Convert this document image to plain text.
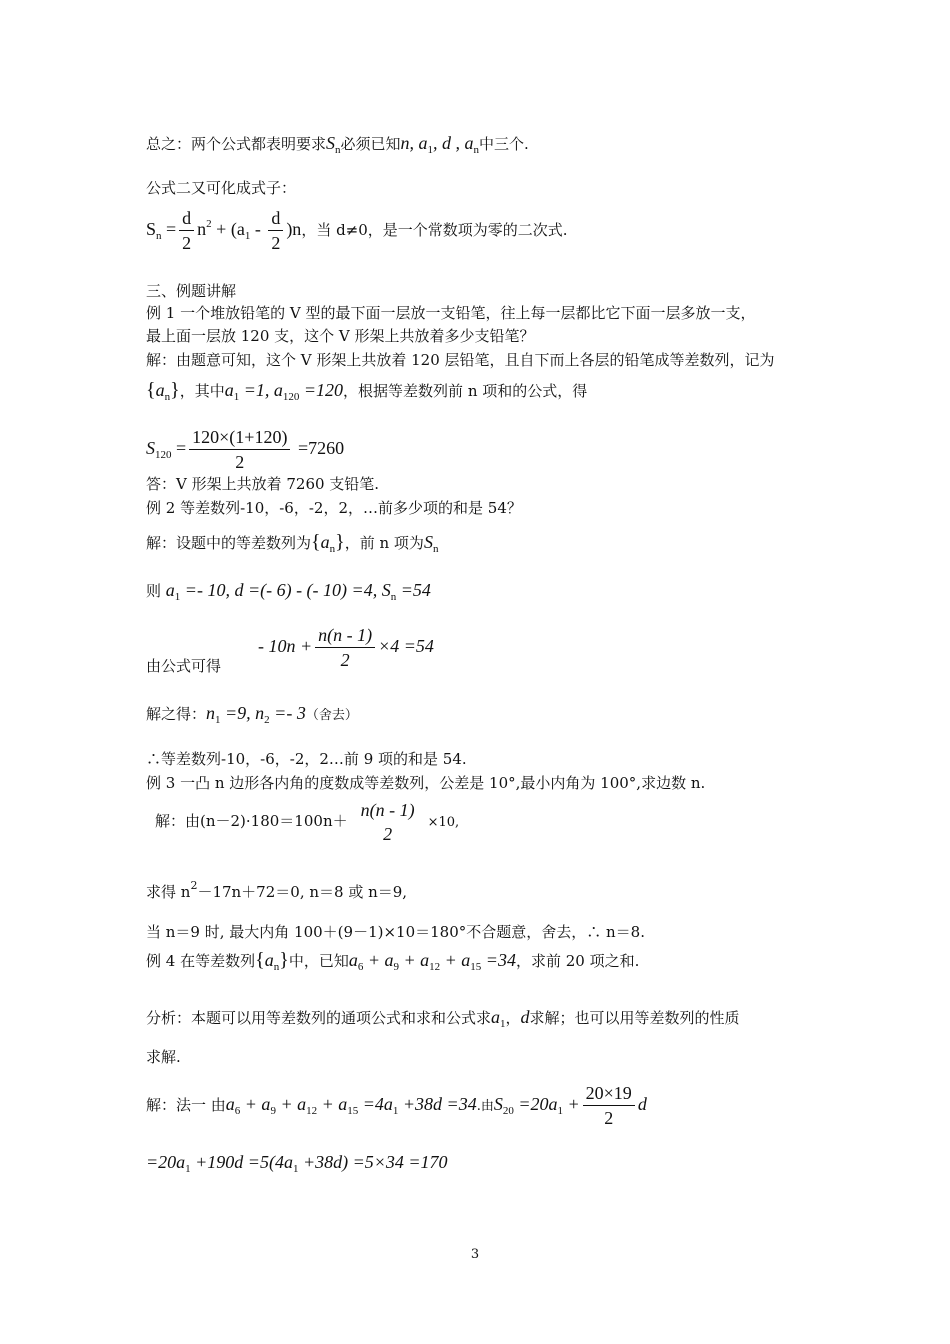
总之：两个公式都表明要求$S_n$必须已知n, $a_1$, d , $a_n$中三个.
公式二又可化成式子：
$S_n = \frac{d}{2} n^2 + (a_1 - \frac{d}{2} )n$，当 d≠0，是一个常数项为零的二次式.
三、例题讲解
例 1 一个堆放铅笔的 V 型的最下面一层放一支铅笔，往上每一层都比它下面一层多放一支，
最上面一层放 120 支，这个 V 形架上共放着多少支铅笔？
解：由题意可知，这个 V 形架上共放着 120 层铅笔，且自下而上各层的铅笔成等差数列，记为
$\{a_n\}$，其中$a_1 =1$, $a_{120} =120$，根据等差数列前 n 项和的公式，得
$S_{120} = \frac{120\times(1+120)}{2} =7260$
答：V 形架上共放着 7260 支铅笔.
例 2 等差数列-10，-6，-2，2，…前多少项的和是 54？
解：设题中的等差数列为$\{a_n\}$，前 n 项为$S_n$
则 $a_1 =- 10$, d =(- 6) - (- 10) =4, $S_n =54$
由公式可得
- $10n + \frac{n(n - 1)}{2} \times 4 =54$
解之得：$n_1 =9$, $n_2 =- 3$（舍去）
∴等差数列-10，-6，-2，2…前 9 项的和是 54.
例 3 一凸 n 边形各内角的度数成等差数列，公差是 10°,最小内角为 100°,求边数 n.
解：由(n－2)·180＝100n＋
n(n - 1)
2
×10,
求得 $n^2-17n+72=0$, n＝8 或 n＝9,
当 n＝9 时, 最大内角 100＋(9－1)×10＝180°不合题意，舍去，∴ n＝8.
例 4 在等差数列$\{a_n\}$中，已知$a_6 + a_9 + a_{12} + a_{15} =34$，求前 20 项之和.
分析：本题可以用等差数列的通项公式和求和公式求$a_1$，d求解；也可以用等差数列的性质
求解.
解：法一 由$a_6 + a_9 + a_{12} + a_{15} =4a_1 +38d =34$.由$S_{20} =20a_1 + \frac{20\times 19}{2}$ d
$=20a_1 +190d =5(4a_1 +38d) =5\times 34 =170$
3
